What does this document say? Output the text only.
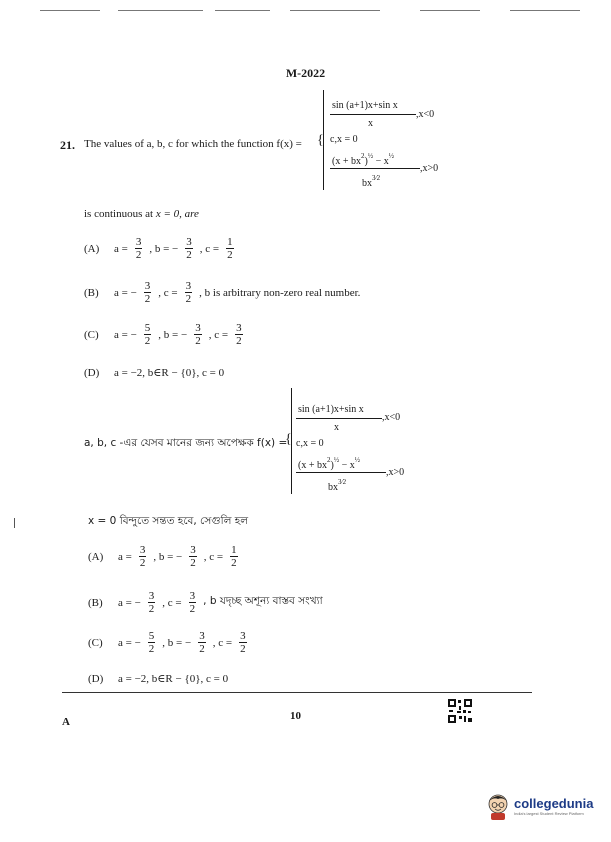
M-2022
21. The values of a, b, c for which the function f(x) = {
sin (a+1)x+sin x
x
,x<0
c,x = 0
$(x + bx^2)^{\frac{1}{2}} - x^{\frac{1}{2}}$
$bx^{3⁄2}$
,x>0
is continuous at x = 0, are
(A)	$a = \frac{3}{2}$ , b = − $\frac{3}{2}$ , $c = \frac{1}{2}$
(B)	a = − $\frac{3}{2}$ , $c = \frac{3}{2}$ , b is arbitrary non-zero real number.
(C)	a = − $\frac{5}{2}$ , b = − $\frac{3}{2}$ , $c = \frac{3}{2}$
(D)	a = −2, b∈R − {0}, c = 0
a, b, c -এর যেসব মানের জন্য অপেক্ষক f(x) =
{
sin (a+1)x+sin x
x
,x<0
c,x = 0
$(x + bx^2)^{\frac{1}{2}} - x^{\frac{1}{2}}$
$bx^{3⁄2}$
,x>0
x = 0 বিন্দুতে সন্তত হবে, সেগুলি হল
(A)	$a = \frac{3}{2}$ , b = − $\frac{3}{2}$ , $c = \frac{1}{2}$
(B)	a = − $\frac{3}{2}$ , $c = \frac{3}{2}$ , b যদৃচ্ছ অশূন্য বাস্তব সংখ্যা
(C)	a = − $\frac{5}{2}$ , b = − $\frac{3}{2}$ , $c = \frac{3}{2}$
(D)	a = −2, b∈R − {0}, c = 0
A	10
collegedunia
India's largest Student Review Platform
